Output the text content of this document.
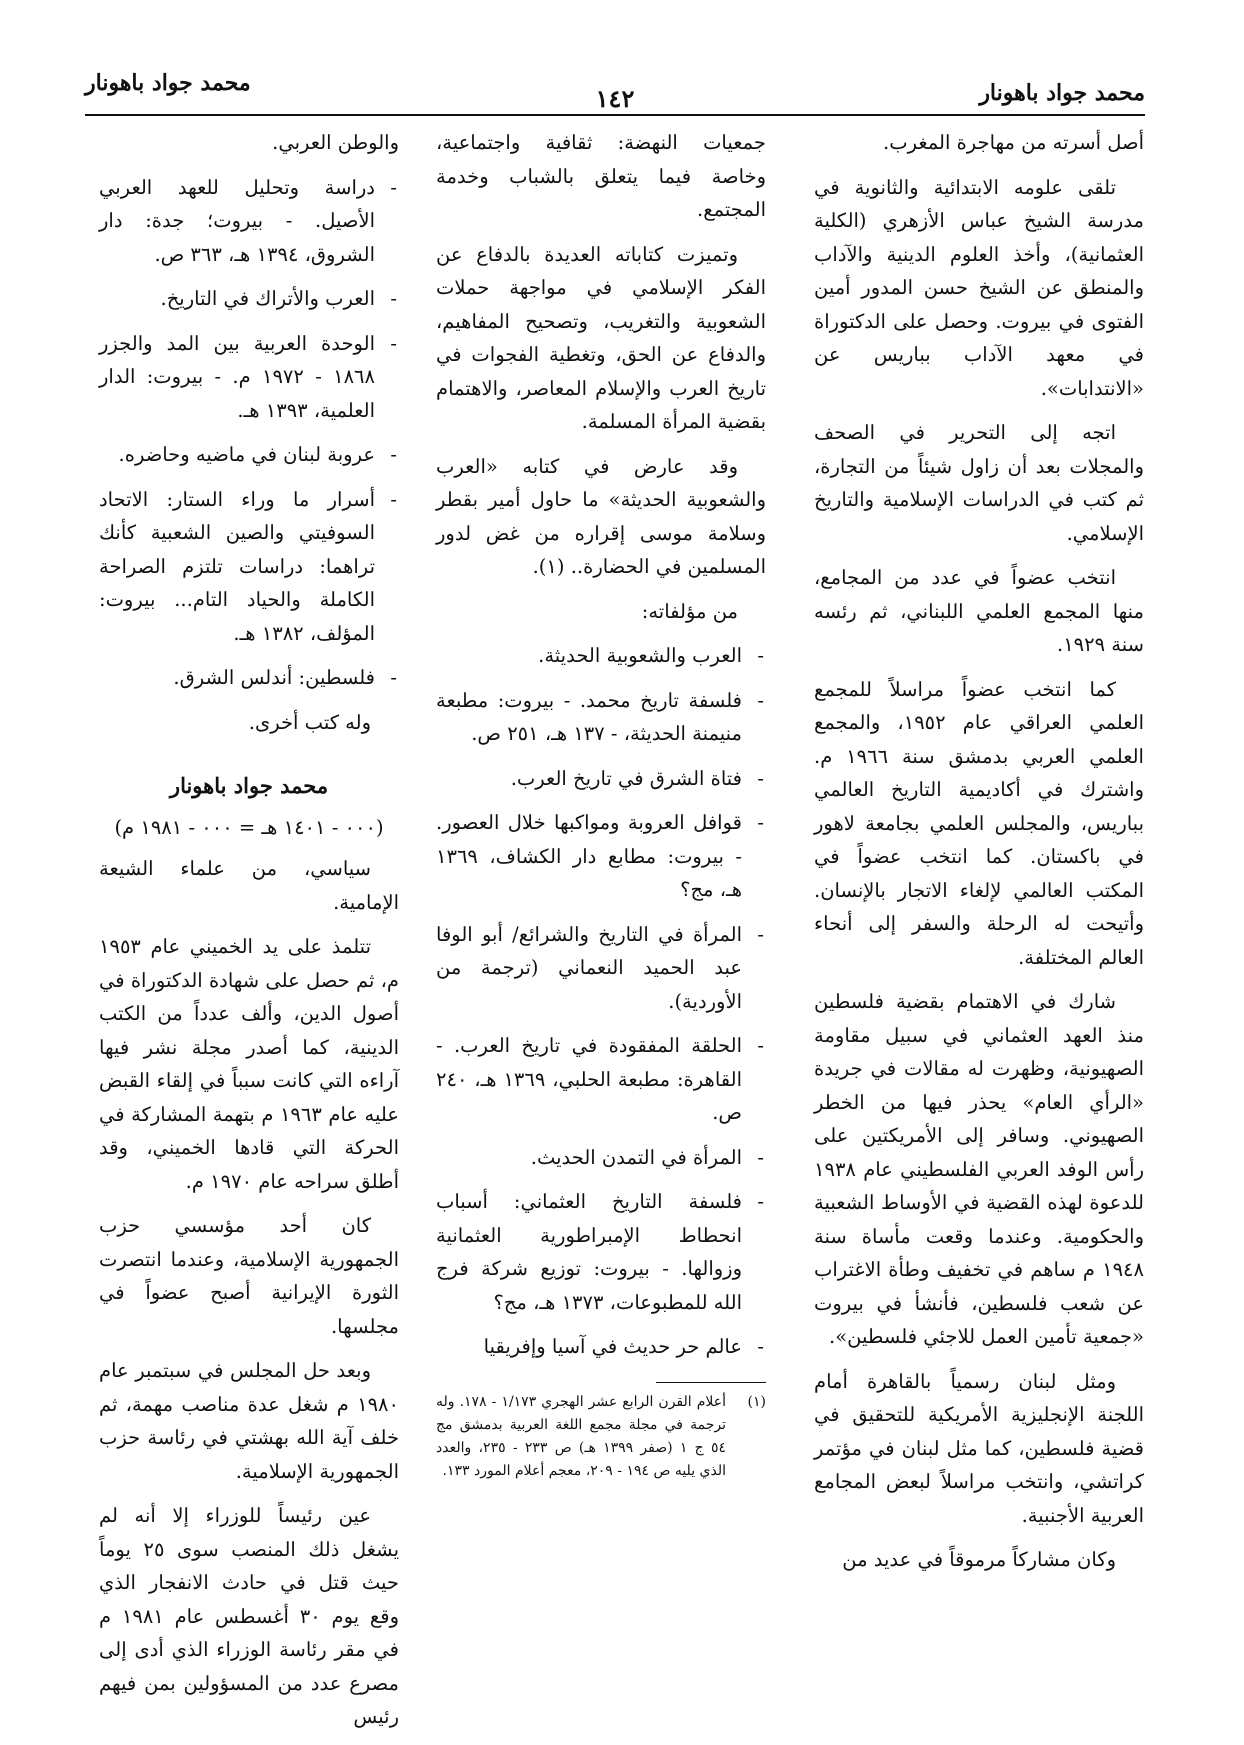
محمد جواد باهونار
١٤٢
محمد جواد باهونار

أصل أسرته من مهاجرة المغرب.

تلقى علومه الابتدائية والثانوية في مدرسة الشيخ عباس الأزهري (الكلية العثمانية)، وأخذ العلوم الدينية والآداب والمنطق عن الشيخ حسن المدور أمين الفتوى في بيروت. وحصل على الدكتوراة في معهد الآداب بباريس عن «الانتدابات».

اتجه إلى التحرير في الصحف والمجلات بعد أن زاول شيئاً من التجارة، ثم كتب في الدراسات الإسلامية والتاريخ الإسلامي.

انتخب عضواً في عدد من المجامع، منها المجمع العلمي اللبناني، ثم رئسه سنة ١٩٢٩.

كما انتخب عضواً مراسلاً للمجمع العلمي العراقي عام ١٩٥٢، والمجمع العلمي العربي بدمشق سنة ١٩٦٦ م. واشترك في أكاديمية التاريخ العالمي بباريس، والمجلس العلمي بجامعة لاهور في باكستان. كما انتخب عضواً في المكتب العالمي لإلغاء الاتجار بالإنسان. وأتيحت له الرحلة والسفر إلى أنحاء العالم المختلفة.

شارك في الاهتمام بقضية فلسطين منذ العهد العثماني في سبيل مقاومة الصهيونية، وظهرت له مقالات في جريدة «الرأي العام» يحذر فيها من الخطر الصهيوني. وسافر إلى الأمريكتين على رأس الوفد العربي الفلسطيني عام ١٩٣٨ للدعوة لهذه القضية في الأوساط الشعبية والحكومية. وعندما وقعت مأساة سنة ١٩٤٨ م ساهم في تخفيف وطأة الاغتراب عن شعب فلسطين، فأنشأ في بيروت «جمعية تأمين العمل للاجئي فلسطين».

ومثل لبنان رسمياً بالقاهرة أمام اللجنة الإنجليزية الأمريكية للتحقيق في قضية فلسطين، كما مثل لبنان في مؤتمر كراتشي، وانتخب مراسلاً لبعض المجامع العربية الأجنبية.

وكان مشاركاً مرموقاً في عديد من

جمعيات النهضة: ثقافية واجتماعية، وخاصة فيما يتعلق بالشباب وخدمة المجتمع.

وتميزت كتاباته العديدة بالدفاع عن الفكر الإسلامي في مواجهة حملات الشعوبية والتغريب، وتصحيح المفاهيم، والدفاع عن الحق، وتغطية الفجوات في تاريخ العرب والإسلام المعاصر، والاهتمام بقضية المرأة المسلمة.

وقد عارض في كتابه «العرب والشعوبية الحديثة» ما حاول أمير بقطر وسلامة موسى إقراره من غض لدور المسلمين في الحضارة.. (١).

من مؤلفاته:

-
العرب والشعوبية الحديثة.
-
فلسفة تاريخ محمد. - بيروت: مطبعة منيمنة الحديثة، - ١٣٧ هـ، ٢٥١ ص.
-
فتاة الشرق في تاريخ العرب.
-
قوافل العروبة ومواكبها خلال العصور. - بيروت: مطابع دار الكشاف، ١٣٦٩ هـ، مج؟
-
المرأة في التاريخ والشرائع/ أبو الوفا عبد الحميد النعماني (ترجمة من الأوردية).
-
الحلقة المفقودة في تاريخ العرب. - القاهرة: مطبعة الحلبي، ١٣٦٩ هـ، ٢٤٠ ص.
-
المرأة في التمدن الحديث.
-
فلسفة التاريخ العثماني: أسباب انحطاط الإمبراطورية العثمانية وزوالها. - بيروت: توزيع شركة فرج الله للمطبوعات، ١٣٧٣ هـ، مج؟
-
عالم حر حديث في آسيا وإفريقيا
(١)
أعلام القرن الرابع عشر الهجري ١/١٧٣ - ١٧٨. وله ترجمة في مجلة مجمع اللغة العربية بدمشق مج ٥٤ ج ١ (صفر ١٣٩٩ هـ) ص ٢٣٣ - ٢٣٥، والعدد الذي يليه ص ١٩٤ - ٢٠٩، معجم أعلام المورد ١٣٣.

والوطن العربي.

-
دراسة وتحليل للعهد العربي الأصيل. - بيروت؛ جدة: دار الشروق، ١٣٩٤ هـ، ٣٦٣ ص.
-
العرب والأتراك في التاريخ.
-
الوحدة العربية بين المد والجزر ١٨٦٨ - ١٩٧٢ م. - بيروت: الدار العلمية، ١٣٩٣ هـ.
-
عروبة لبنان في ماضيه وحاضره.
-
أسرار ما وراء الستار: الاتحاد السوفيتي والصين الشعبية كأنك تراهما: دراسات تلتزم الصراحة الكاملة والحياد التام... بيروت: المؤلف، ١٣٨٢ هـ.
-
فلسطين: أندلس الشرق.

وله كتب أخرى.

محمد جواد باهونار
(٠٠٠ - ١٤٠١ هـ = ٠٠٠ - ١٩٨١ م)

سياسي، من علماء الشيعة الإمامية.

تتلمذ على يد الخميني عام ١٩٥٣ م، ثم حصل على شهادة الدكتوراة في أصول الدين، وألف عدداً من الكتب الدينية، كما أصدر مجلة نشر فيها آراءه التي كانت سبباً في إلقاء القبض عليه عام ١٩٦٣ م بتهمة المشاركة في الحركة التي قادها الخميني، وقد أطلق سراحه عام ١٩٧٠ م.

كان أحد مؤسسي حزب الجمهورية الإسلامية، وعندما انتصرت الثورة الإيرانية أصبح عضواً في مجلسها.

وبعد حل المجلس في سبتمبر عام ١٩٨٠ م شغل عدة مناصب مهمة، ثم خلف آية الله بهشتي في رئاسة حزب الجمهورية الإسلامية.

عين رئيساً للوزراء إلا أنه لم يشغل ذلك المنصب سوى ٢٥ يوماً حيث قتل في حادث الانفجار الذي وقع يوم ٣٠ أغسطس عام ١٩٨١ م في مقر رئاسة الوزراء الذي أدى إلى مصرع عدد من المسؤولين بمن فيهم رئيس
